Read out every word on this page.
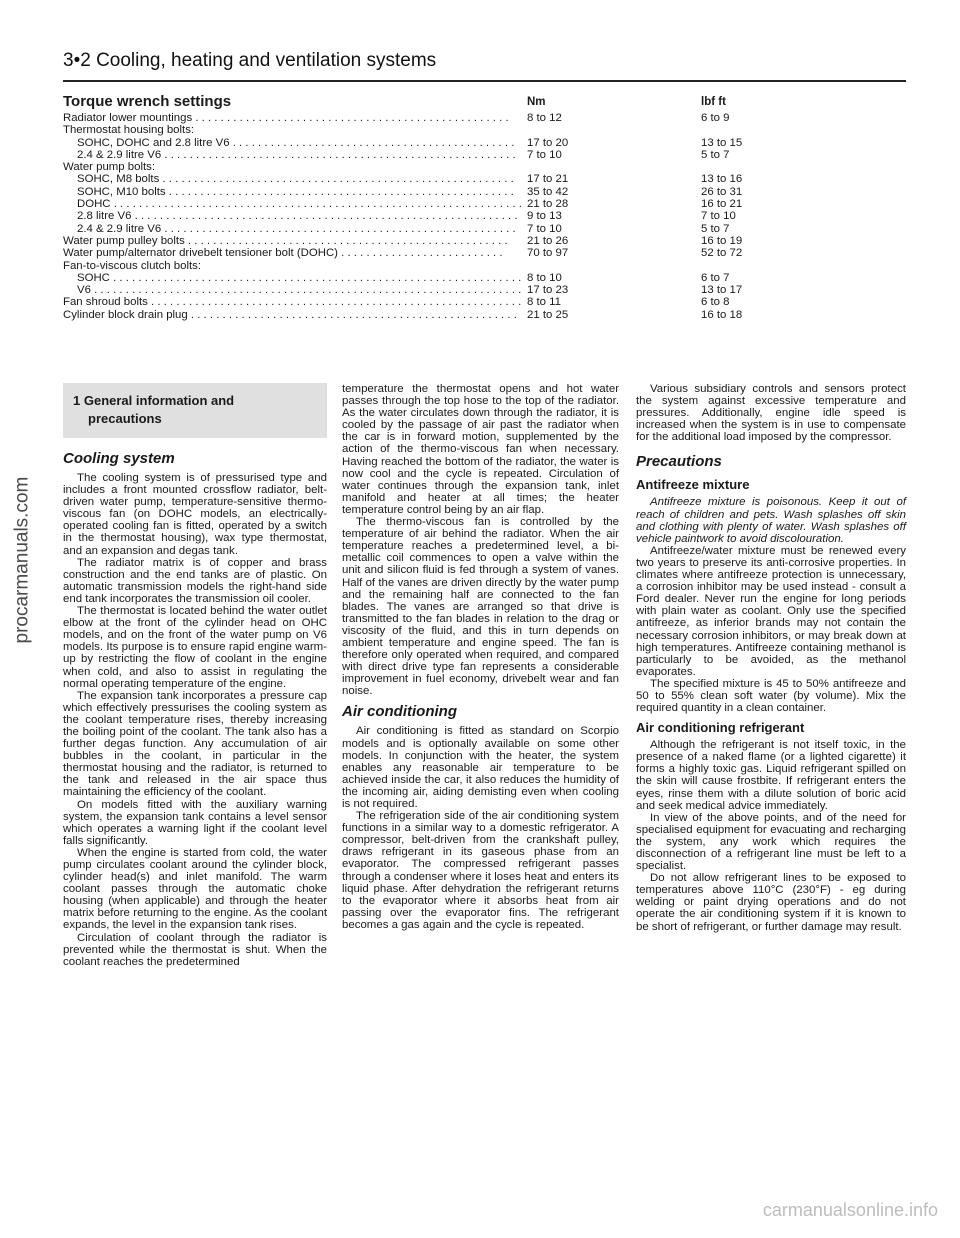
3•2 Cooling, heating and ventilation systems
Torque wrench settings	Nm	lbf ft
Radiator lower mountings . . . . . . . . . . . . . . . . . . . . . . . . . . . . . . . . . . . . . . . . . . . . . . . . . . 8 to 12	6 to 9
Thermostat housing bolts:
SOHC, DOHC and 2.8 litre V6 . . . . . . . . . . . . . . . . . . . . . . . . . . . . . . . . . . . . . . . . . . . . . 17 to 20	13 to 15
2.4 & 2.9 litre V6 . . . . . . . . . . . . . . . . . . . . . . . . . . . . . . . . . . . . . . . . . . . . . . . . . . . . . . . . 7 to 10	5 to 7
Water pump bolts:
SOHC, M8 bolts . . . . . . . . . . . . . . . . . . . . . . . . . . . . . . . . . . . . . . . . . . . . . . . . . . . . . . . . 17 to 21	13 to 16
SOHC, M10 bolts . . . . . . . . . . . . . . . . . . . . . . . . . . . . . . . . . . . . . . . . . . . . . . . . . . . . . . . 35 to 42	26 to 31
DOHC . . . . . . . . . . . . . . . . . . . . . . . . . . . . . . . . . . . . . . . . . . . . . . . . . . . . . . . . . . . . . . . . . 21 to 28	16 to 21
2.8 litre V6 . . . . . . . . . . . . . . . . . . . . . . . . . . . . . . . . . . . . . . . . . . . . . . . . . . . . . . . . . . . . . 9 to 13	7 to 10
2.4 & 2.9 litre V6 . . . . . . . . . . . . . . . . . . . . . . . . . . . . . . . . . . . . . . . . . . . . . . . . . . . . . . . . 7 to 10	5 to 7
Water pump pulley bolts . . . . . . . . . . . . . . . . . . . . . . . . . . . . . . . . . . . . . . . . . . . . . . . . . . . 21 to 26	16 to 19
Water pump/alternator drivebelt tensioner bolt (DOHC) . . . . . . . . . . . . . . . . . . . . . . . . . . 70 to 97	52 to 72
Fan-to-viscous clutch bolts:
SOHC . . . . . . . . . . . . . . . . . . . . . . . . . . . . . . . . . . . . . . . . . . . . . . . . . . . . . . . . . . . . . . . . . 8 to 10	6 to 7
V6 . . . . . . . . . . . . . . . . . . . . . . . . . . . . . . . . . . . . . . . . . . . . . . . . . . . . . . . . . . . . . . . . . . . . 17 to 23	13 to 17
Fan shroud bolts . . . . . . . . . . . . . . . . . . . . . . . . . . . . . . . . . . . . . . . . . . . . . . . . . . . . . . . . . . . 8 to 11	6 to 8
Cylinder block drain plug . . . . . . . . . . . . . . . . . . . . . . . . . . . . . . . . . . . . . . . . . . . . . . . . . . . . 21 to 25	16 to 18
1 General information and
precautions
Cooling system

The cooling system is of pressurised type and includes a front mounted crossflow radiator, belt-driven water pump, temperature-sensitive thermo-viscous fan (on DOHC models, an electrically-operated cooling fan is fitted, operated by a switch in the thermostat housing), wax type thermostat, and an expansion and degas tank.

The radiator matrix is of copper and brass construction and the end tanks are of plastic. On automatic transmission models the right-hand side end tank incorporates the transmission oil cooler.

The thermostat is located behind the water outlet elbow at the front of the cylinder head on OHC models, and on the front of the water pump on V6 models. Its purpose is to ensure rapid engine warm-up by restricting the flow of coolant in the engine when cold, and also to assist in regulating the normal operating temperature of the engine.

The expansion tank incorporates a pressure cap which effectively pressurises the cooling system as the coolant temperature rises, thereby increasing the boiling point of the coolant. The tank also has a further degas function. Any accumulation of air bubbles in the coolant, in particular in the thermostat housing and the radiator, is returned to the tank and released in the air space thus maintaining the efficiency of the coolant.

On models fitted with the auxiliary warning system, the expansion tank contains a level sensor which operates a warning light if the coolant level falls significantly.

When the engine is started from cold, the water pump circulates coolant around the cylinder block, cylinder head(s) and inlet manifold. The warm coolant passes through the automatic choke housing (when applicable) and through the heater matrix before returning to the engine. As the coolant expands, the level in the expansion tank rises.

Circulation of coolant through the radiator is prevented while the thermostat is shut. When the coolant reaches the predetermined

temperature the thermostat opens and hot water passes through the top hose to the top of the radiator. As the water circulates down through the radiator, it is cooled by the passage of air past the radiator when the car is in forward motion, supplemented by the action of the thermo-viscous fan when necessary. Having reached the bottom of the radiator, the water is now cool and the cycle is repeated. Circulation of water continues through the expansion tank, inlet manifold and heater at all times; the heater temperature control being by an air flap.

The thermo-viscous fan is controlled by the temperature of air behind the radiator. When the air temperature reaches a predetermined level, a bi-metallic coil commences to open a valve within the unit and silicon fluid is fed through a system of vanes. Half of the vanes are driven directly by the water pump and the remaining half are connected to the fan blades. The vanes are arranged so that drive is transmitted to the fan blades in relation to the drag or viscosity of the fluid, and this in turn depends on ambient temperature and engine speed. The fan is therefore only operated when required, and compared with direct drive type fan represents a considerable improvement in fuel economy, drivebelt wear and fan noise.

Air conditioning

Air conditioning is fitted as standard on Scorpio models and is optionally available on some other models. In conjunction with the heater, the system enables any reasonable air temperature to be achieved inside the car, it also reduces the humidity of the incoming air, aiding demisting even when cooling is not required.

The refrigeration side of the air conditioning system functions in a similar way to a domestic refrigerator. A compressor, belt-driven from the crankshaft pulley, draws refrigerant in its gaseous phase from an evaporator. The compressed refrigerant passes through a condenser where it loses heat and enters its liquid phase. After dehydration the refrigerant returns to the evaporator where it absorbs heat from air passing over the evaporator fins. The refrigerant becomes a gas again and the cycle is repeated.

Various subsidiary controls and sensors protect the system against excessive temperature and pressures. Additionally, engine idle speed is increased when the system is in use to compensate for the additional load imposed by the compressor.

Precautions
Antifreeze mixture

Antifreeze mixture is poisonous. Keep it out of reach of children and pets. Wash splashes off skin and clothing with plenty of water. Wash splashes off vehicle paintwork to avoid discolouration.

Antifreeze/water mixture must be renewed every two years to preserve its anti-corrosive properties. In climates where antifreeze protection is unnecessary, a corrosion inhibitor may be used instead - consult a Ford dealer. Never run the engine for long periods with plain water as coolant. Only use the specified antifreeze, as inferior brands may not contain the necessary corrosion inhibitors, or may break down at high temperatures. Antifreeze containing methanol is particularly to be avoided, as the methanol evaporates.

The specified mixture is 45 to 50% antifreeze and 50 to 55% clean soft water (by volume). Mix the required quantity in a clean container.

Air conditioning refrigerant

Although the refrigerant is not itself toxic, in the presence of a naked flame (or a lighted cigarette) it forms a highly toxic gas. Liquid refrigerant spilled on the skin will cause frostbite. If refrigerant enters the eyes, rinse them with a dilute solution of boric acid and seek medical advice immediately.

In view of the above points, and of the need for specialised equipment for evacuating and recharging the system, any work which requires the disconnection of a refrigerant line must be left to a specialist.

Do not allow refrigerant lines to be exposed to temperatures above 110°C (230°F) - eg during welding or paint drying operations and do not operate the air conditioning system if it is known to be short of refrigerant, or further damage may result.

procarmanuals.com
carmanualsonline.info
